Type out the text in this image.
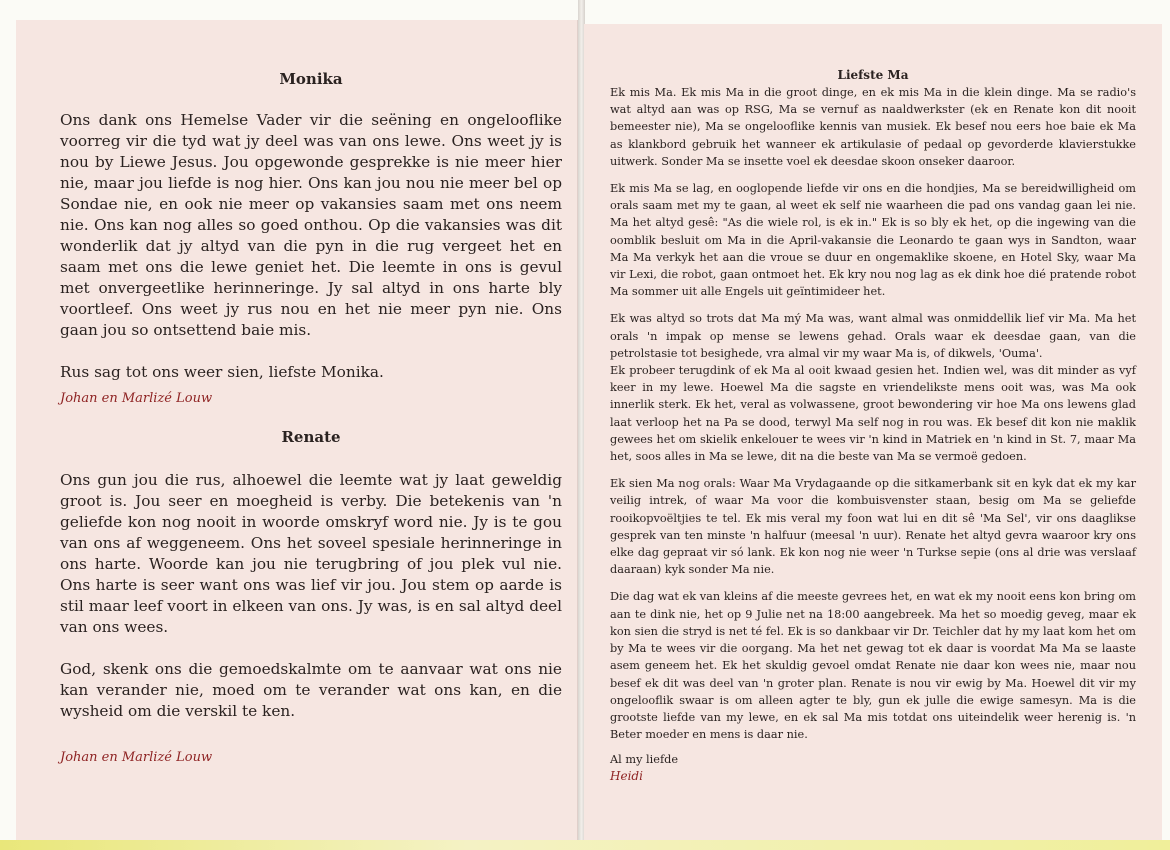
Monika

Ons dank ons Hemelse Vader vir die seëning en ongelooflike voorreg vir die tyd wat jy deel was van ons lewe. Ons weet jy is nou by Liewe Jesus. Jou opgewonde gesprekke is nie meer hier nie, maar jou liefde is nog hier. Ons kan jou nou nie meer bel op Sondae nie, en ook nie meer op vakansies saam met ons neem nie. Ons kan nog alles so goed onthou. Op die vakansies was dit wonderlik dat jy altyd van die pyn in die rug vergeet het en saam met ons die lewe geniet het. Die leemte in ons is gevul met onvergeetlike herinneringe. Jy sal altyd in ons harte bly voortleef. Ons weet jy rus nou en het nie meer pyn nie. Ons gaan jou so ontsettend baie mis.

Rus sag tot ons weer sien, liefste Monika.

Johan en Marlizé Louw

Renate

Ons gun jou die rus, alhoewel die leemte wat jy laat geweldig groot is. Jou seer en moegheid is verby. Die betekenis van 'n geliefde kon nog nooit in woorde omskryf word nie. Jy is te gou van ons af weggeneem. Ons het soveel spesiale herinneringe in ons harte. Woorde kan jou nie terugbring of jou plek vul nie. Ons harte is seer want ons was lief vir jou. Jou stem op aarde is stil maar leef voort in elkeen van ons. Jy was, is en sal altyd deel van ons wees.

God, skenk ons die gemoedskalmte om te aanvaar wat ons nie kan verander nie, moed om te verander wat ons kan, en die wysheid om die verskil te ken.

Johan en Marlizé Louw

Liefste Ma

Ek mis Ma. Ek mis Ma in die groot dinge, en ek mis Ma in die klein dinge. Ma se radio's wat altyd aan was op RSG, Ma se vernuf as naaldwerkster (ek en Renate kon dit nooit bemeester nie), Ma se ongelooflike kennis van musiek. Ek besef nou eers hoe baie ek Ma as klankbord gebruik het wanneer ek artikulasie of pedaal op gevorderde klavierstukke uitwerk. Sonder Ma se insette voel ek deesdae skoon onseker daaroor.

Ek mis Ma se lag, en ooglopende liefde vir ons en die hondjies, Ma se bereidwilligheid om orals saam met my te gaan, al weet ek self nie waarheen die pad ons vandag gaan lei nie. Ma het altyd gesê: "As die wiele rol, is ek in." Ek is so bly ek het, op die ingewing van die oomblik besluit om Ma in die April-vakansie die Leonardo te gaan wys in Sandton, waar Ma Ma verkyk het aan die vroue se duur en ongemaklike skoene, en Hotel Sky, waar Ma vir Lexi, die robot, gaan ontmoet het. Ek kry nou nog lag as ek dink hoe dié pratende robot Ma sommer uit alle Engels uit geïntimideer het.

Ek was altyd so trots dat Ma mý Ma was, want almal was onmiddellik lief vir Ma. Ma het orals 'n impak op mense se lewens gehad. Orals waar ek deesdae gaan, van die petrolstasie tot besighede, vra almal vir my waar Ma is, of dikwels, 'Ouma'.

Ek probeer terugdink of ek Ma al ooit kwaad gesien het. Indien wel, was dit minder as vyf keer in my lewe. Hoewel Ma die sagste en vriendelikste mens ooit was, was Ma ook innerlik sterk. Ek het, veral as volwassene, groot bewondering vir hoe Ma ons lewens glad laat verloop het na Pa se dood, terwyl Ma self nog in rou was. Ek besef dit kon nie maklik gewees het om skielik enkelouer te wees vir 'n kind in Matriek en 'n kind in St. 7, maar Ma het, soos alles in Ma se lewe, dit na die beste van Ma se vermoë gedoen.

Ek sien Ma nog orals: Waar Ma Vrydagaande op die sitkamerbank sit en kyk dat ek my kar veilig intrek, of waar Ma voor die kombuisvenster staan, besig om Ma se geliefde rooikopvoëltjies te tel. Ek mis veral my foon wat lui en dit sê 'Ma Sel', vir ons daaglikse gesprek van ten minste 'n halfuur (meesal 'n uur). Renate het altyd gevra waaroor kry ons elke dag gepraat vir só lank. Ek kon nog nie weer 'n Turkse sepie (ons al drie was verslaaf daaraan) kyk sonder Ma nie.

Die dag wat ek van kleins af die meeste gevrees het, en wat ek my nooit eens kon bring om aan te dink nie, het op 9 Julie net na 18:00 aangebreek. Ma het so moedig geveg, maar ek kon sien die stryd is net té fel. Ek is so dankbaar vir Dr. Teichler dat hy my laat kom het om by Ma te wees vir die oorgang. Ma het net gewag tot ek daar is voordat Ma Ma se laaste asem geneem het. Ek het skuldig gevoel omdat Renate nie daar kon wees nie, maar nou besef ek dit was deel van 'n groter plan. Renate is nou vir ewig by Ma. Hoewel dit vir my ongelooflik swaar is om alleen agter te bly, gun ek julle die ewige samesyn. Ma is die grootste liefde van my lewe, en ek sal Ma mis totdat ons uiteindelik weer herenig is. 'n Beter moeder en mens is daar nie.

Al my liefde

Heidi
